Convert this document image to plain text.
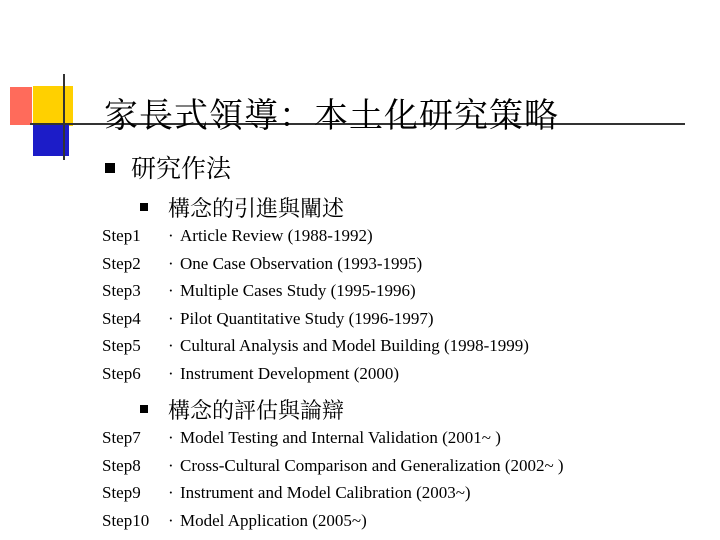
家長式領導：本土化研究策略
研究作法
構念的引進與闡述
Step1	· Article Review (1988-1992)
Step2	· One Case Observation (1993-1995)
Step3	· Multiple Cases Study (1995-1996)
Step4	· Pilot Quantitative Study (1996-1997)
Step5	· Cultural Analysis and Model Building (1998-1999)
Step6	· Instrument Development (2000)
構念的評估與論辯
Step7	· Model Testing and Internal Validation (2001~ )
Step8	· Cross-Cultural Comparison and Generalization (2002~ )
Step9	· Instrument and Model Calibration (2003~)
Step10	· Model Application (2005~)
